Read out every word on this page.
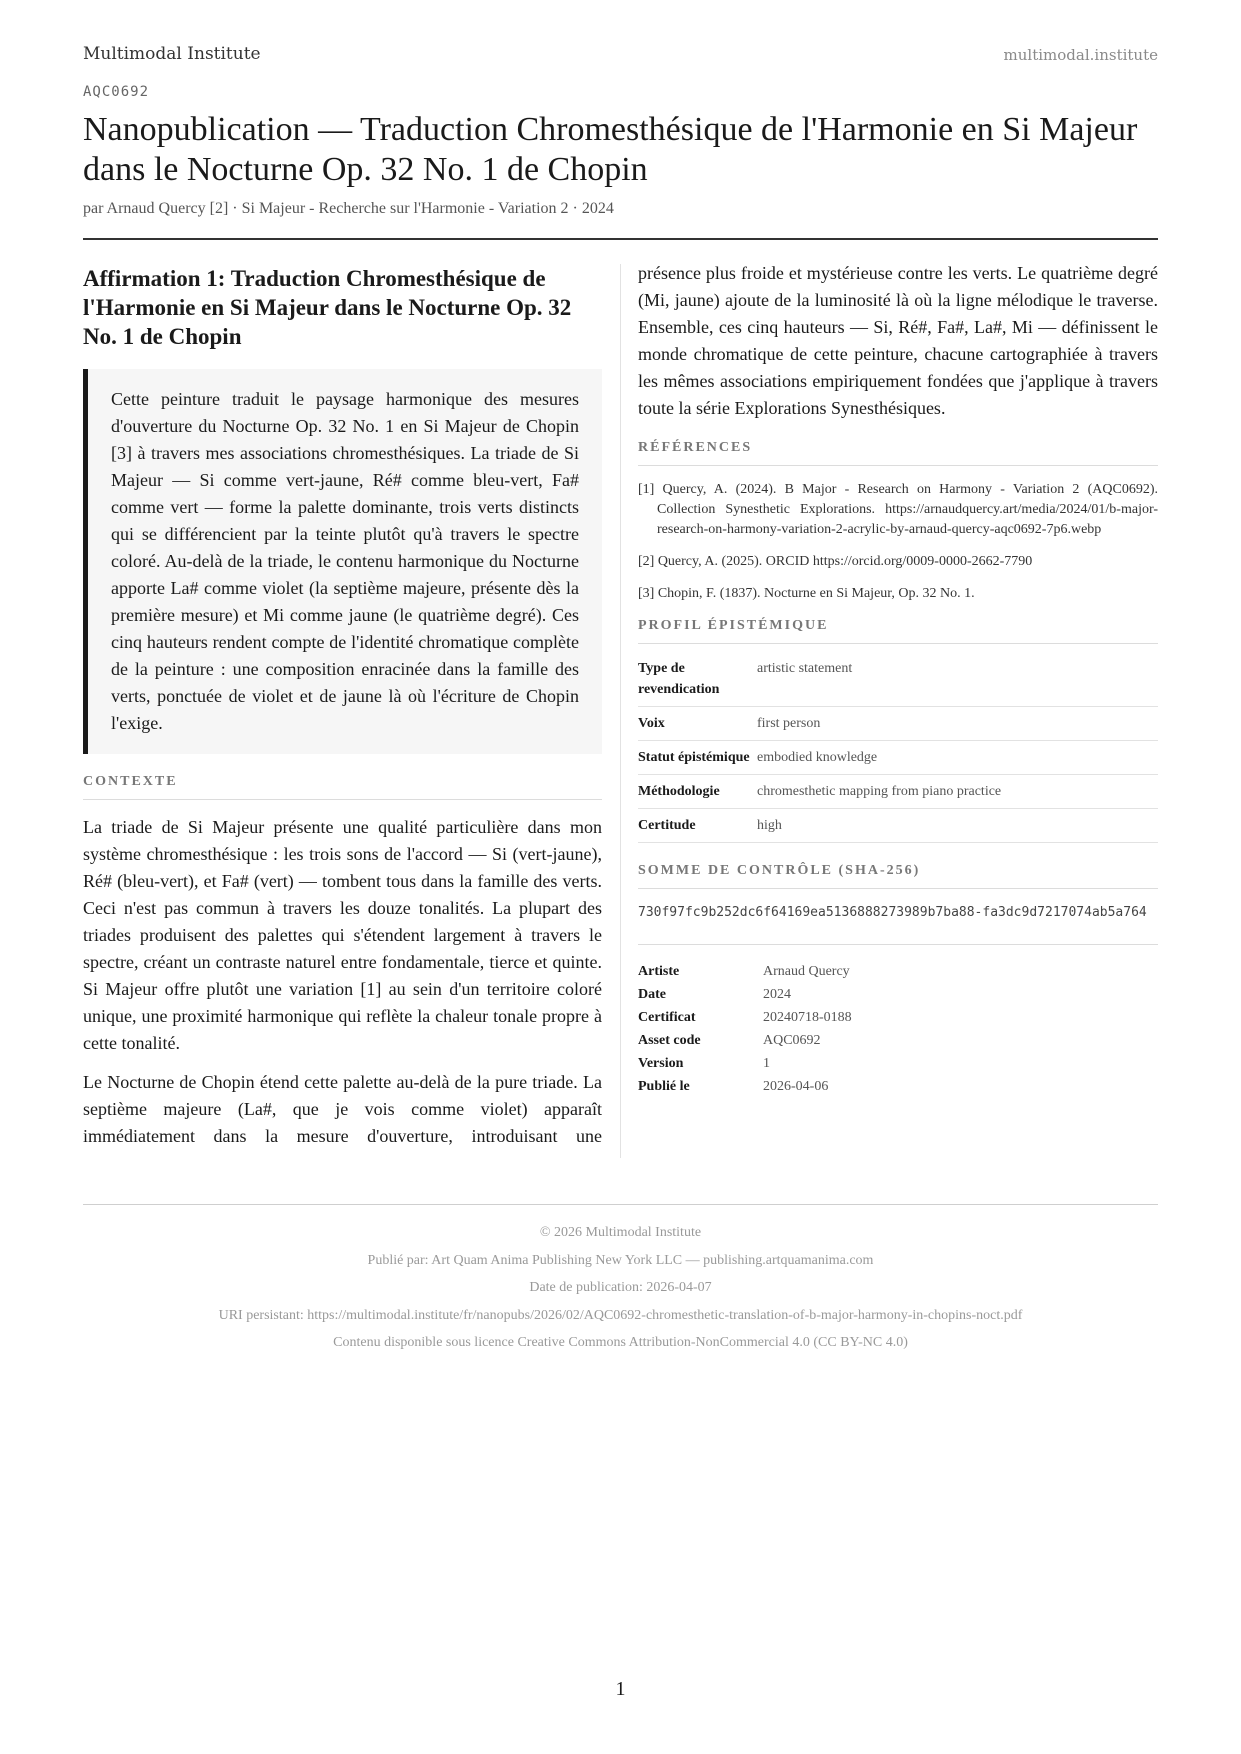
Multimodal Institute	multimodal.institute
AQC0692
Nanopublication — Traduction Chromesthésique de l'Harmonie en Si Majeur dans le Nocturne Op. 32 No. 1 de Chopin
par Arnaud Quercy [2] · Si Majeur - Recherche sur l'Harmonie - Variation 2 · 2024
Affirmation 1: Traduction Chromesthésique de l'Harmonie en Si Majeur dans le Nocturne Op. 32 No. 1 de Chopin
Cette peinture traduit le paysage harmonique des mesures d'ouverture du Nocturne Op. 32 No. 1 en Si Majeur de Chopin [3] à travers mes associations chromesthésiques. La triade de Si Majeur — Si comme vert-jaune, Ré# comme bleu-vert, Fa# comme vert — forme la palette dominante, trois verts distincts qui se différencient par la teinte plutôt qu'à travers le spectre coloré. Au-delà de la triade, le contenu harmonique du Nocturne apporte La# comme violet (la septième majeure, présente dès la première mesure) et Mi comme jaune (le quatrième degré). Ces cinq hauteurs rendent compte de l'identité chromatique complète de la peinture : une composition enracinée dans la famille des verts, ponctuée de violet et de jaune là où l'écriture de Chopin l'exige.
CONTEXTE

La triade de Si Majeur présente une qualité particulière dans mon système chromesthésique : les trois sons de l'accord — Si (vert-jaune), Ré# (bleu-vert), et Fa# (vert) — tombent tous dans la famille des verts. Ceci n'est pas commun à travers les douze tonalités. La plupart des triades produisent des palettes qui s'étendent largement à travers le spectre, créant un contraste naturel entre fondamentale, tierce et quinte. Si Majeur offre plutôt une variation [1] au sein d'un territoire coloré unique, une proximité harmonique qui reflète la chaleur tonale propre à cette tonalité.

Le Nocturne de Chopin étend cette palette au-delà de la pure triade. La septième majeure (La#, que je vois comme violet) apparaît immédiatement dans la mesure d'ouverture, introduisant une

présence plus froide et mystérieuse contre les verts. Le quatrième degré (Mi, jaune) ajoute de la luminosité là où la ligne mélodique le traverse. Ensemble, ces cinq hauteurs — Si, Ré#, Fa#, La#, Mi — définissent le monde chromatique de cette peinture, chacune cartographiée à travers les mêmes associations empiriquement fondées que j'applique à travers toute la série Explorations Synesthésiques.

RÉFÉRENCES
[1] Quercy, A. (2024). B Major - Research on Harmony - Variation 2 (AQC0692). Collection Synesthetic Explorations. https://arnaudquercy.art/media/2024/01/b-major-research-on-harmony-variation-2-acrylic-by-arnaud-quercy-aqc0692-7p6.webp
[2] Quercy, A. (2025). ORCID https://orcid.org/0009-0000-2662-7790
[3] Chopin, F. (1837). Nocturne en Si Majeur, Op. 32 No. 1.
PROFIL ÉPISTÉMIQUE
Type de revendication	artistic statement
Voix	first person
Statut épistémique	embodied knowledge
Méthodologie	chromesthetic mapping from piano practice
Certitude	high
SOMME DE CONTRÔLE (SHA-256)
730f97fc9b252dc6f64169ea5136888273989b7ba88-fa3dc9d7217074ab5a764
Artiste	Arnaud Quercy
Date	2024
Certificat	20240718-0188
Asset code	AQC0692
Version	1
Publié le	2026-04-06
© 2026 Multimodal Institute
Publié par: Art Quam Anima Publishing New York LLC — publishing.artquamanima.com
Date de publication: 2026-04-07
URI persistant: https://multimodal.institute/fr/nanopubs/2026/02/AQC0692-chromesthetic-translation-of-b-major-harmony-in-chopins-noct.pdf
Contenu disponible sous licence Creative Commons Attribution-NonCommercial 4.0 (CC BY-NC 4.0)
1
